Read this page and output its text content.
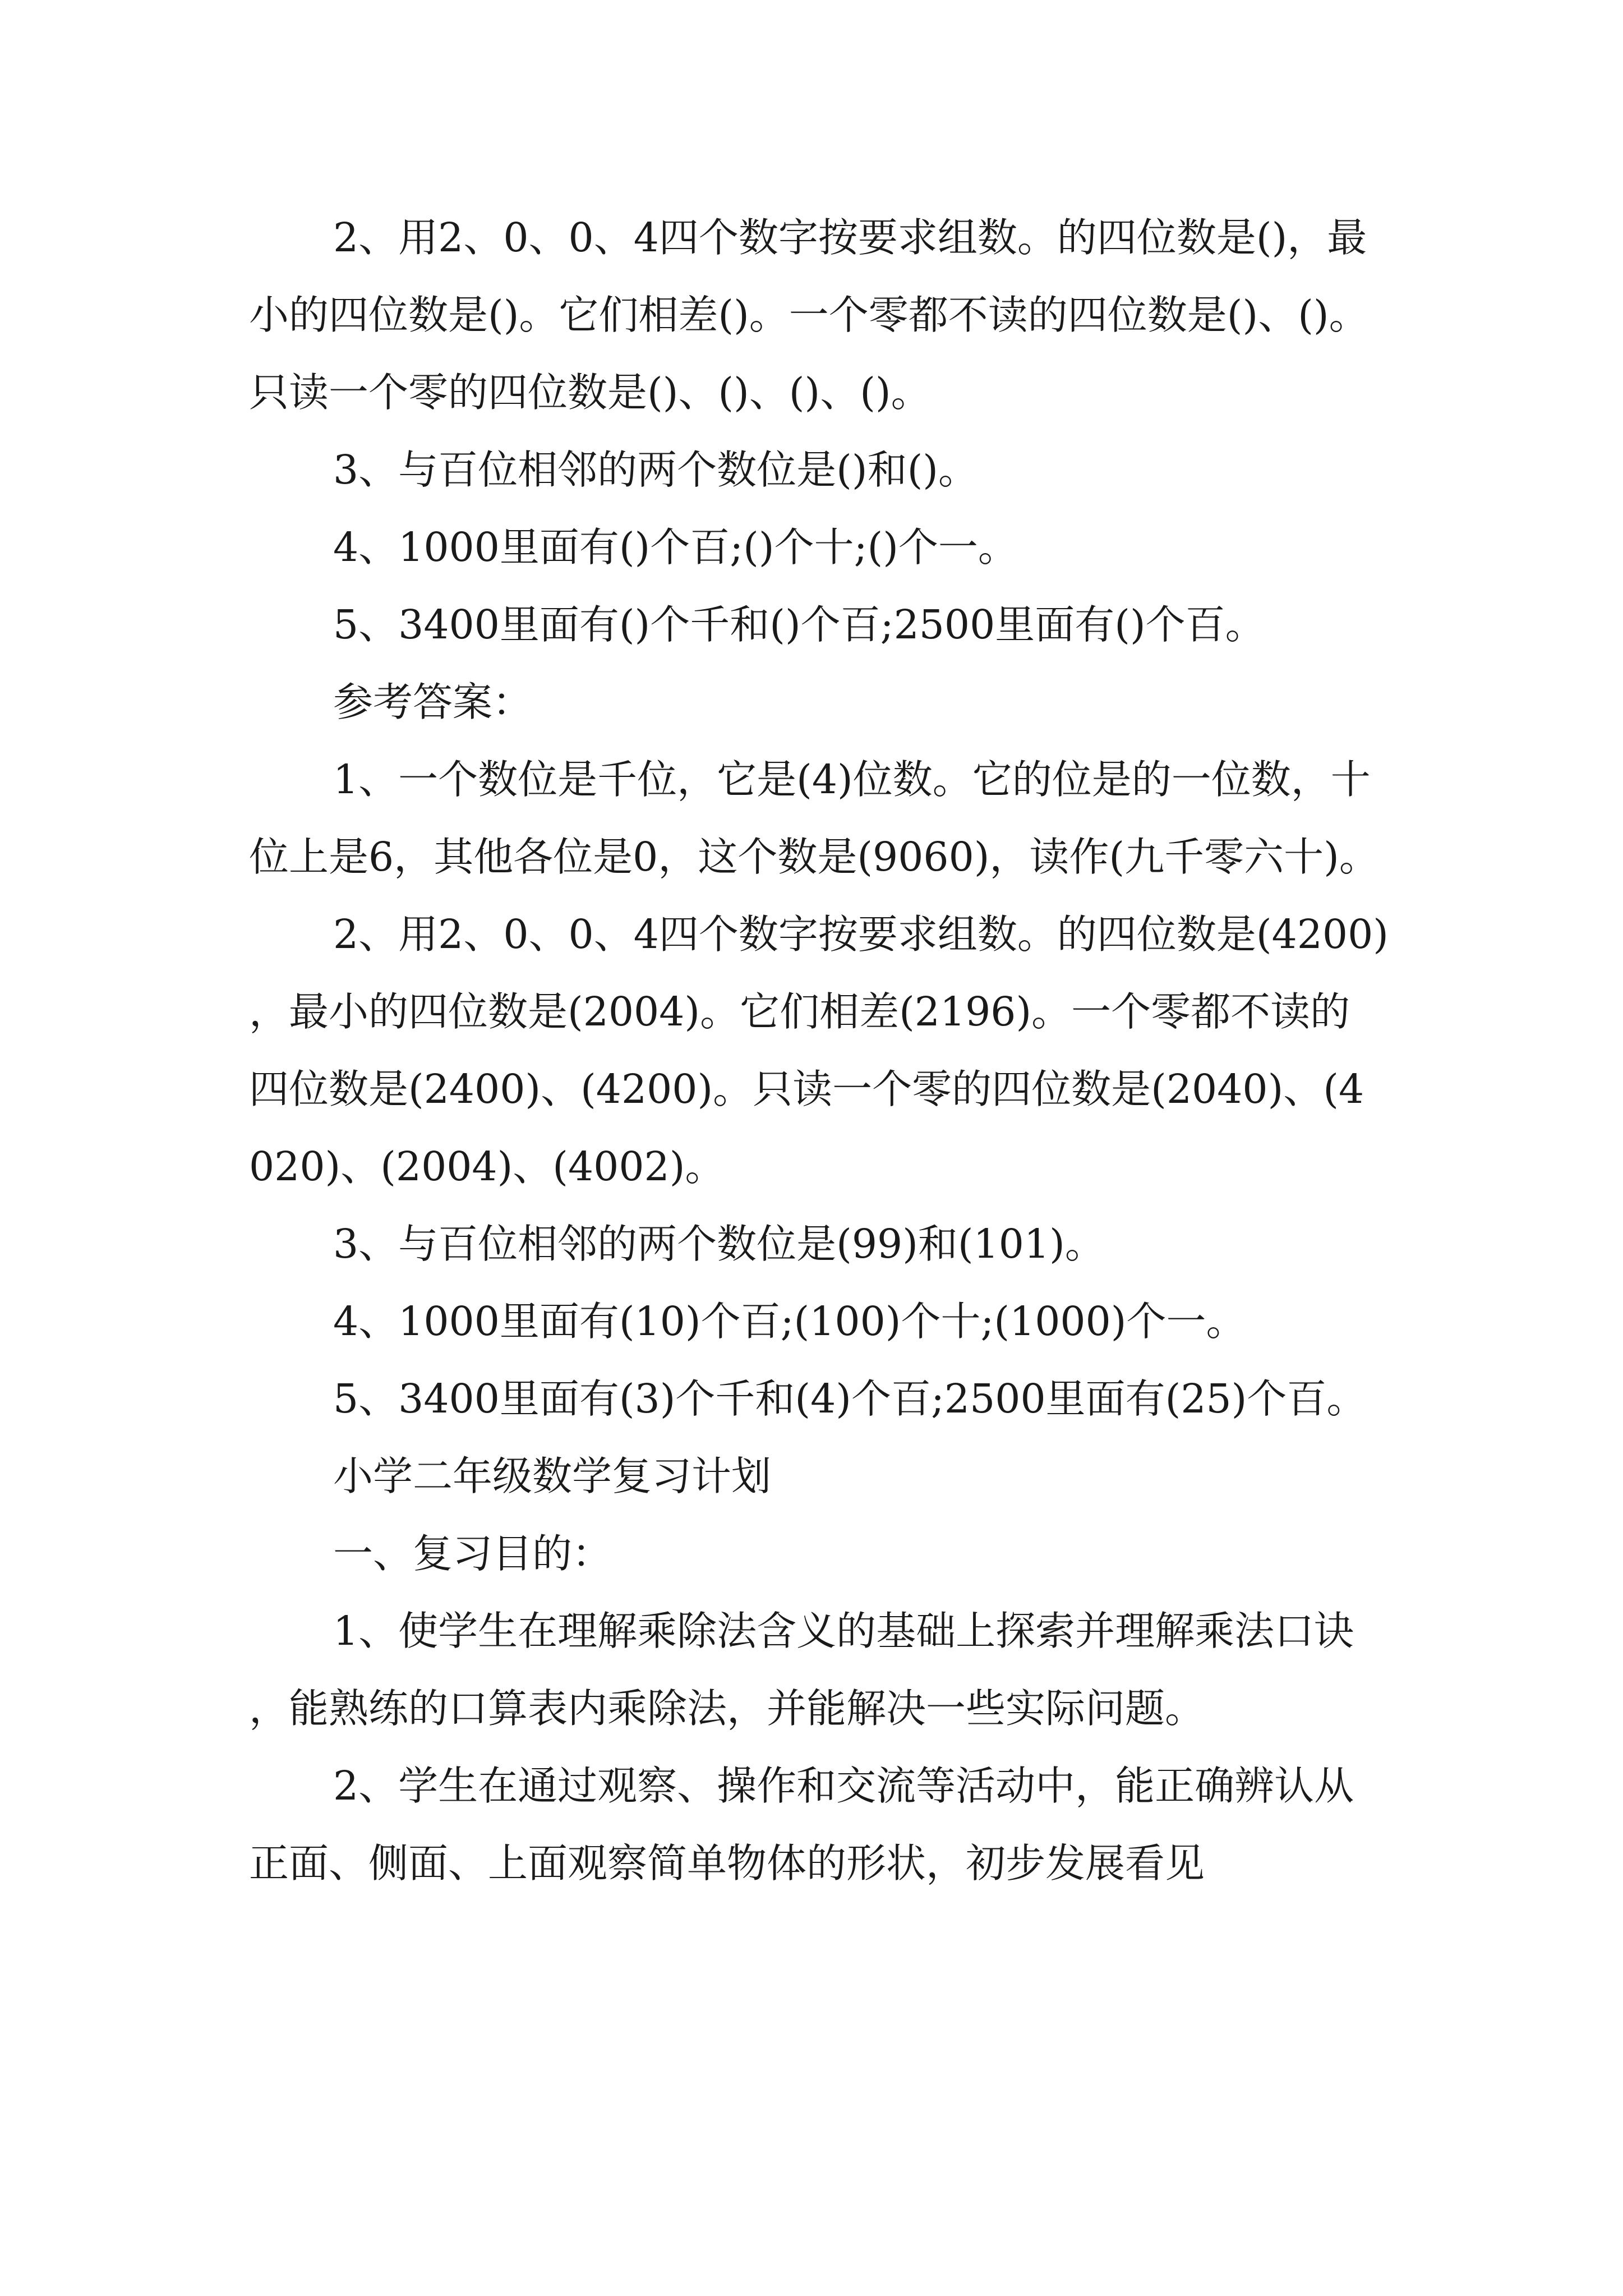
2、用2、0、0、4四个数字按要求组数。的四位数是()，最小的四位数是()。它们相差()。一个零都不读的四位数是()、()。只读一个零的四位数是()、()、()、()。

3、与百位相邻的两个数位是()和()。

4、1000里面有()个百;()个十;()个一。

5、3400里面有()个千和()个百;2500里面有()个百。

参考答案：

1、一个数位是千位，它是(4)位数。它的位是的一位数，十位上是6，其他各位是0，这个数是(9060)，读作(九千零六十)。

2、用2、0、0、4四个数字按要求组数。的四位数是(4200)，最小的四位数是(2004)。它们相差(2196)。一个零都不读的四位数是(2400)、(4200)。只读一个零的四位数是(2040)、(4020)、(2004)、(4002)。

3、与百位相邻的两个数位是(99)和(101)。

4、1000里面有(10)个百;(100)个十;(1000)个一。

5、3400里面有(3)个千和(4)个百;2500里面有(25)个百。

小学二年级数学复习计划

一、复习目的：

1、使学生在理解乘除法含义的基础上探索并理解乘法口诀，能熟练的口算表内乘除法，并能解决一些实际问题。

2、学生在通过观察、操作和交流等活动中，能正确辨认从正面、侧面、上面观察简单物体的形状，初步发展看见
